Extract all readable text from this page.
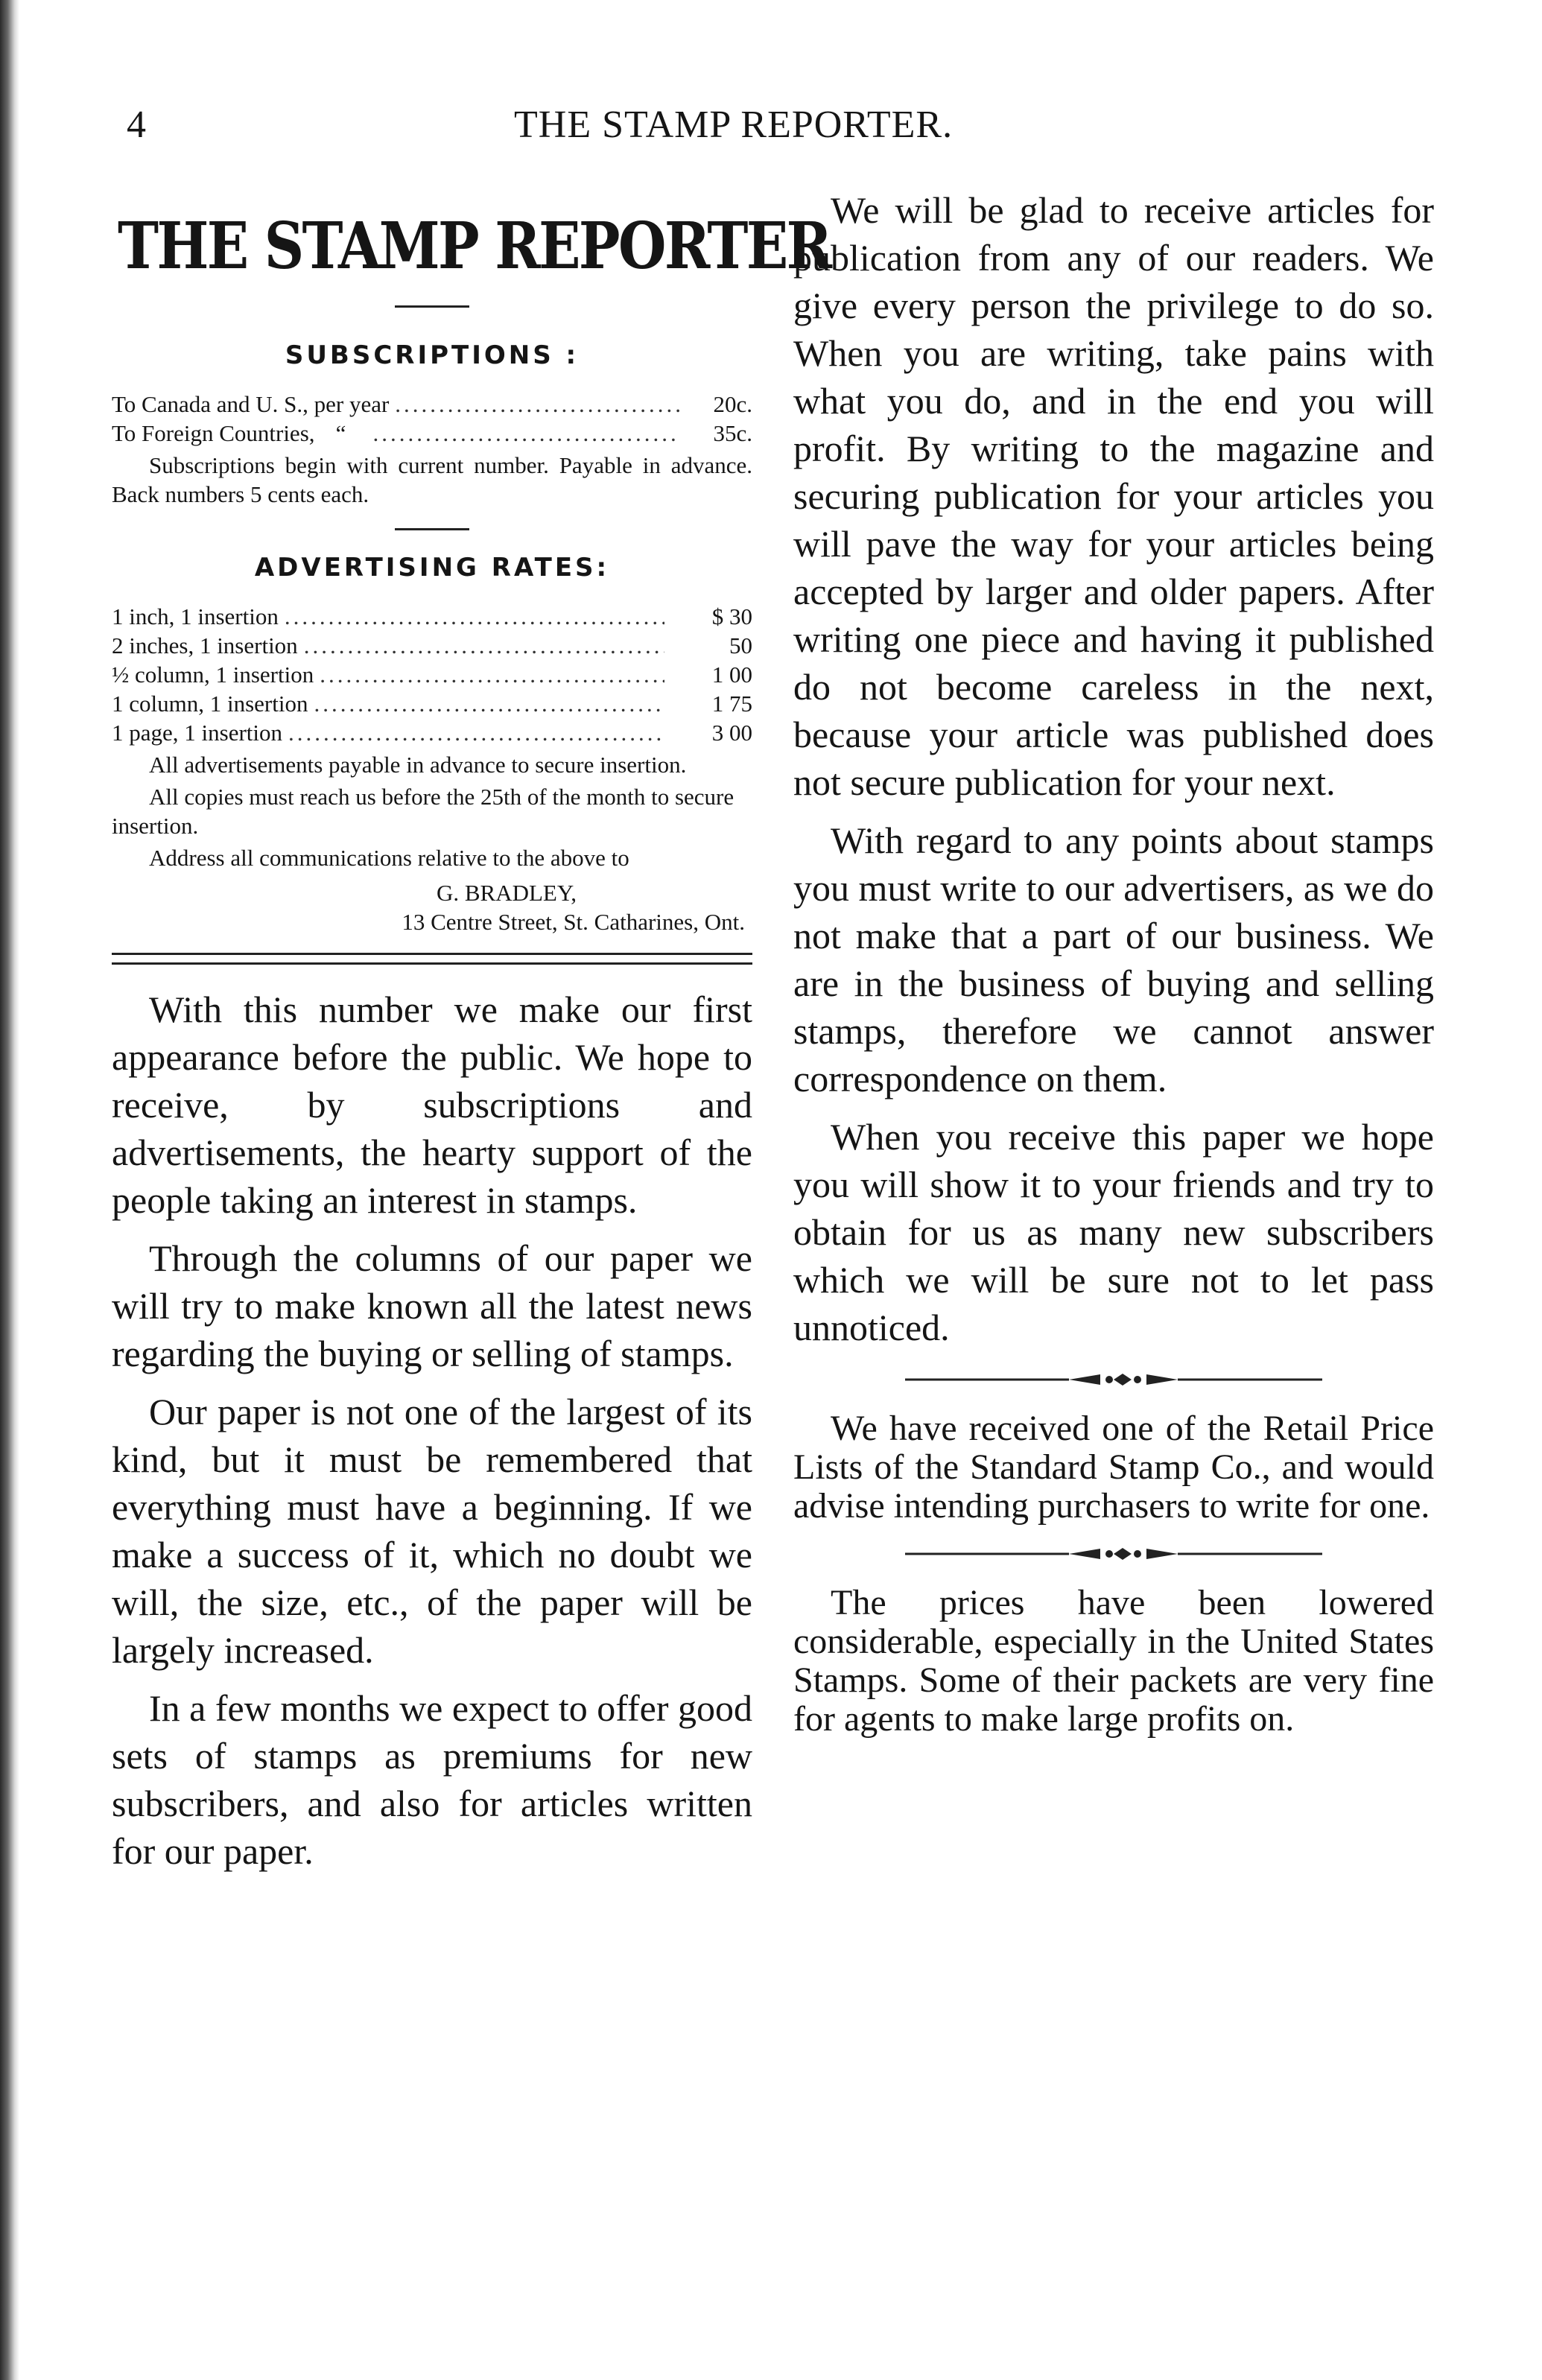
4	THE STAMP REPORTER.
THE STAMP REPORTER
SUBSCRIPTIONS :
To Canada and U. S., per year .....	20c.
To Foreign Countries, “ .....	35c.
Subscriptions begin with current number. Payable in advance. Back numbers 5 cents each.
ADVERTISING RATES:
1 inch, 1 insertion .....	$ 30
2 inches, 1 insertion .....	50
½ column, 1 insertion .....	1 00
1 column, 1 insertion .....	1 75
1 page, 1 insertion .....	3 00
All advertisements payable in advance to secure insertion.
All copies must reach us before the 25th of the month to secure insertion.
Address all communications relative to the above to
G. BRADLEY,
13 Centre Street, St. Catharines, Ont.

With this number we make our first appearance before the public. We hope to receive, by subscriptions and advertisements, the hearty support of the people taking an interest in stamps.

Through the columns of our paper we will try to make known all the latest news regarding the buying or selling of stamps.

Our paper is not one of the largest of its kind, but it must be remembered that everything must have a beginning. If we make a success of it, which no doubt we will, the size, etc., of the paper will be largely increased.

In a few months we expect to offer good sets of stamps as premiums for new subscribers, and also for articles written for our paper.

We will be glad to receive articles for publication from any of our readers. We give every person the privilege to do so. When you are writing, take pains with what you do, and in the end you will profit. By writing to the magazine and securing publication for your articles you will pave the way for your articles being accepted by larger and older papers. After writing one piece and having it published do not become careless in the next, because your article was published does not secure publication for your next.

With regard to any points about stamps you must write to our advertisers, as we do not make that a part of our business. We are in the business of buying and selling stamps, therefore we cannot answer correspondence on them.

When you receive this paper we hope you will show it to your friends and try to obtain for us as many new subscribers which we will be sure not to let pass unnoticed.

We have received one of the Retail Price Lists of the Standard Stamp Co., and would advise intending purchasers to write for one.

The prices have been lowered considerable, especially in the United States Stamps. Some of their packets are very fine for agents to make large profits on.
